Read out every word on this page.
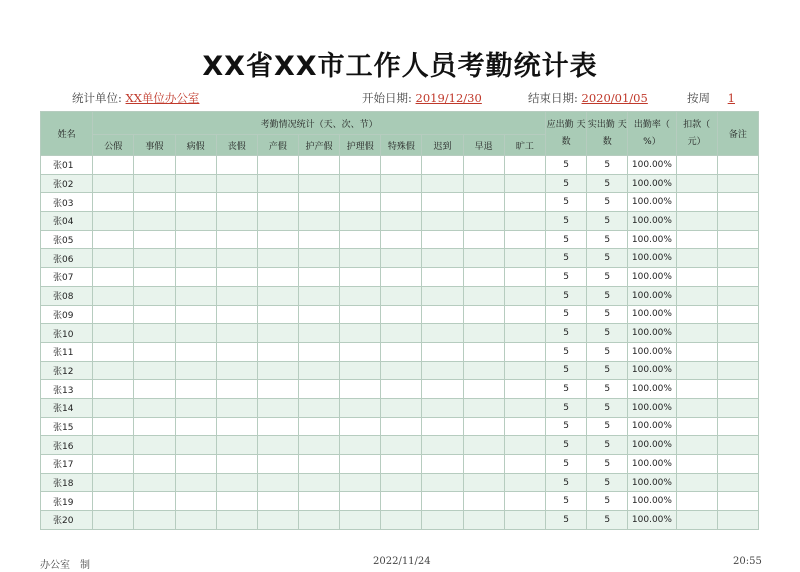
XX省XX市工作人员考勤统计表
统计单位: XX单位办公室	开始日期: 2019/12/30	结束日期: 2020/01/05	按周 1
姓名	考勤情况统计（天、次、节）											应出勤 天 数	实出勤 天 数	出勤率（ %）	扣款（ 元）	备注
	公假	事假	病假	丧假	产假	护产假	护理假	特殊假	迟到	早退	旷工					
张01												5	5	100.00%		
张02												5	5	100.00%		
张03												5	5	100.00%		
张04												5	5	100.00%		
张05												5	5	100.00%		
张06												5	5	100.00%		
张07												5	5	100.00%		
张08												5	5	100.00%		
张09												5	5	100.00%		
张10												5	5	100.00%		
张11												5	5	100.00%		
张12												5	5	100.00%		
张13												5	5	100.00%		
张14												5	5	100.00%		
张15												5	5	100.00%		
张16												5	5	100.00%		
张17												5	5	100.00%		
张18												5	5	100.00%		
张19												5	5	100.00%		
张20												5	5	100.00%		
办公室　制	2022/11/24	20:55
